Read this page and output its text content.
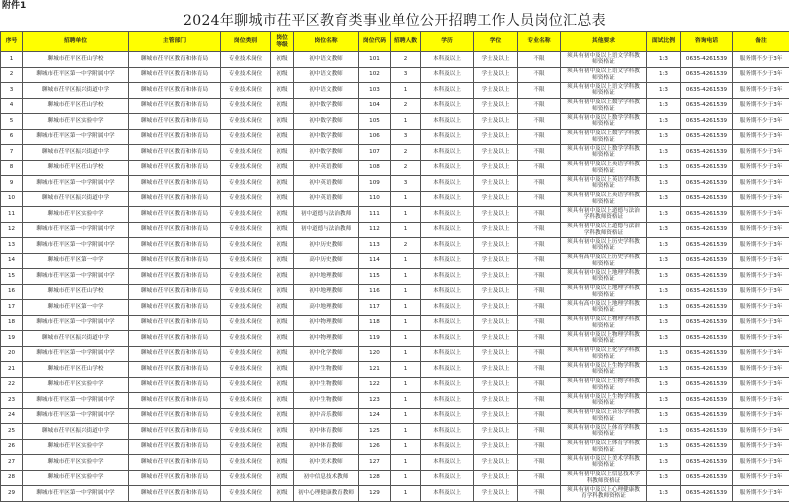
附件1
2024年聊城市茌平区教育类事业单位公开招聘工作人员岗位汇总表
序号	招聘单位	主管部门	岗位类别	岗位等级	岗位名称	岗位代码	招聘人数	学历	学位	专业名称	其他要求	面试比例	咨询电话	备注
1	聊城市茌平区茌山学校	聊城市茌平区教育和体育局	专业技术岗位	初级	初中语文教师	101	2	本科及以上	学士及以上	不限	须具有初中及以上语文学科教师资格证	1:3	0635-4261539	服务期不少于3年
2	聊城市茌平区第一中学附属中学	聊城市茌平区教育和体育局	专业技术岗位	初级	初中语文教师	102	3	本科及以上	学士及以上	不限	须具有初中及以上语文学科教师资格证	1:3	0635-4261539	服务期不少于3年
3	聊城市茌平区振兴街道中学	聊城市茌平区教育和体育局	专业技术岗位	初级	初中语文教师	103	1	本科及以上	学士及以上	不限	须具有初中及以上语文学科教师资格证	1:3	0635-4261539	服务期不少于3年
4	聊城市茌平区茌山学校	聊城市茌平区教育和体育局	专业技术岗位	初级	初中数学教师	104	2	本科及以上	学士及以上	不限	须具有初中及以上数学学科教师资格证	1:3	0635-4261539	服务期不少于3年
5	聊城市茌平区实验中学	聊城市茌平区教育和体育局	专业技术岗位	初级	初中数学教师	105	1	本科及以上	学士及以上	不限	须具有初中及以上数学学科教师资格证	1:3	0635-4261539	服务期不少于3年
6	聊城市茌平区第一中学附属中学	聊城市茌平区教育和体育局	专业技术岗位	初级	初中数学教师	106	3	本科及以上	学士及以上	不限	须具有初中及以上数学学科教师资格证	1:3	0635-4261539	服务期不少于3年
7	聊城市茌平区振兴街道中学	聊城市茌平区教育和体育局	专业技术岗位	初级	初中数学教师	107	2	本科及以上	学士及以上	不限	须具有初中及以上数学学科教师资格证	1:3	0635-4261539	服务期不少于3年
8	聊城市茌平区茌山学校	聊城市茌平区教育和体育局	专业技术岗位	初级	初中英语教师	108	2	本科及以上	学士及以上	不限	须具有初中及以上英语学科教师资格证	1:3	0635-4261539	服务期不少于3年
9	聊城市茌平区第一中学附属中学	聊城市茌平区教育和体育局	专业技术岗位	初级	初中英语教师	109	3	本科及以上	学士及以上	不限	须具有初中及以上英语学科教师资格证	1:3	0635-4261539	服务期不少于3年
10	聊城市茌平区振兴街道中学	聊城市茌平区教育和体育局	专业技术岗位	初级	初中英语教师	110	1	本科及以上	学士及以上	不限	须具有初中及以上英语学科教师资格证	1:3	0635-4261539	服务期不少于3年
11	聊城市茌平区实验中学	聊城市茌平区教育和体育局	专业技术岗位	初级	初中道德与法治教师	111	1	本科及以上	学士及以上	不限	须具有初中及以上道德与法治学科教师资格证	1:3	0635-4261539	服务期不少于3年
12	聊城市茌平区第一中学附属中学	聊城市茌平区教育和体育局	专业技术岗位	初级	初中道德与法治教师	112	1	本科及以上	学士及以上	不限	须具有初中及以上道德与法治学科教师资格证	1:3	0635-4261539	服务期不少于3年
13	聊城市茌平区第一中学附属中学	聊城市茌平区教育和体育局	专业技术岗位	初级	初中历史教师	113	2	本科及以上	学士及以上	不限	须具有初中及以上历史学科教师资格证	1:3	0635-4261539	服务期不少于3年
14	聊城市茌平区第一中学	聊城市茌平区教育和体育局	专业技术岗位	初级	高中历史教师	114	1	本科及以上	学士及以上	不限	须具有高中及以上历史学科教师资格证	1:3	0635-4261539	服务期不少于3年
15	聊城市茌平区第一中学附属中学	聊城市茌平区教育和体育局	专业技术岗位	初级	初中地理教师	115	1	本科及以上	学士及以上	不限	须具有初中及以上地理学科教师资格证	1:3	0635-4261539	服务期不少于3年
16	聊城市茌平区茌山学校	聊城市茌平区教育和体育局	专业技术岗位	初级	初中地理教师	116	1	本科及以上	学士及以上	不限	须具有初中及以上地理学科教师资格证	1:3	0635-4261539	服务期不少于3年
17	聊城市茌平区第一中学	聊城市茌平区教育和体育局	专业技术岗位	初级	高中地理教师	117	1	本科及以上	学士及以上	不限	须具有高中及以上地理学科教师资格证	1:3	0635-4261539	服务期不少于3年
18	聊城市茌平区第一中学附属中学	聊城市茌平区教育和体育局	专业技术岗位	初级	初中物理教师	118	1	本科及以上	学士及以上	不限	须具有初中及以上物理学科教师资格证	1:3	0635-4261539	服务期不少于3年
19	聊城市茌平区振兴街道中学	聊城市茌平区教育和体育局	专业技术岗位	初级	初中物理教师	119	1	本科及以上	学士及以上	不限	须具有初中及以上物理学科教师资格证	1:3	0635-4261539	服务期不少于3年
20	聊城市茌平区第一中学附属中学	聊城市茌平区教育和体育局	专业技术岗位	初级	初中化学教师	120	1	本科及以上	学士及以上	不限	须具有初中及以上化学学科教师资格证	1:3	0635-4261539	服务期不少于3年
21	聊城市茌平区茌山学校	聊城市茌平区教育和体育局	专业技术岗位	初级	初中生物教师	121	1	本科及以上	学士及以上	不限	须具有初中及以上生物学科教师资格证	1:3	0635-4261539	服务期不少于3年
22	聊城市茌平区实验中学	聊城市茌平区教育和体育局	专业技术岗位	初级	初中生物教师	122	1	本科及以上	学士及以上	不限	须具有初中及以上生物学科教师资格证	1:3	0635-4261539	服务期不少于3年
23	聊城市茌平区第一中学附属中学	聊城市茌平区教育和体育局	专业技术岗位	初级	初中生物教师	123	1	本科及以上	学士及以上	不限	须具有初中及以上生物学科教师资格证	1:3	0635-4261539	服务期不少于3年
24	聊城市茌平区第一中学附属中学	聊城市茌平区教育和体育局	专业技术岗位	初级	初中音乐教师	124	1	本科及以上	学士及以上	不限	须具有初中及以上音乐学科教师资格证	1:3	0635-4261539	服务期不少于3年
25	聊城市茌平区振兴街道中学	聊城市茌平区教育和体育局	专业技术岗位	初级	初中体育教师	125	1	本科及以上	学士及以上	不限	须具有初中及以上体育学科教师资格证	1:3	0635-4261539	服务期不少于3年
26	聊城市茌平区实验中学	聊城市茌平区教育和体育局	专业技术岗位	初级	初中体育教师	126	1	本科及以上	学士及以上	不限	须具有初中及以上体育学科教师资格证	1:3	0635-4261539	服务期不少于3年
27	聊城市茌平区实验中学	聊城市茌平区教育和体育局	专业技术岗位	初级	初中美术教师	127	1	本科及以上	学士及以上	不限	须具有初中及以上美术学科教师资格证	1:3	0635-4261539	服务期不少于3年
28	聊城市茌平区实验中学	聊城市茌平区教育和体育局	专业技术岗位	初级	初中信息技术教师	128	1	本科及以上	学士及以上	不限	须具有初中及以上信息技术学科教师资格证	1:3	0635-4261539	服务期不少于3年
29	聊城市茌平区第一中学附属中学	聊城市茌平区教育和体育局	专业技术岗位	初级	初中心理健康教育教师	129	1	本科及以上	学士及以上	不限	须具有初中及以上心理健康教育学科教师资格证	1:3	0635-4261539	服务期不少于3年
